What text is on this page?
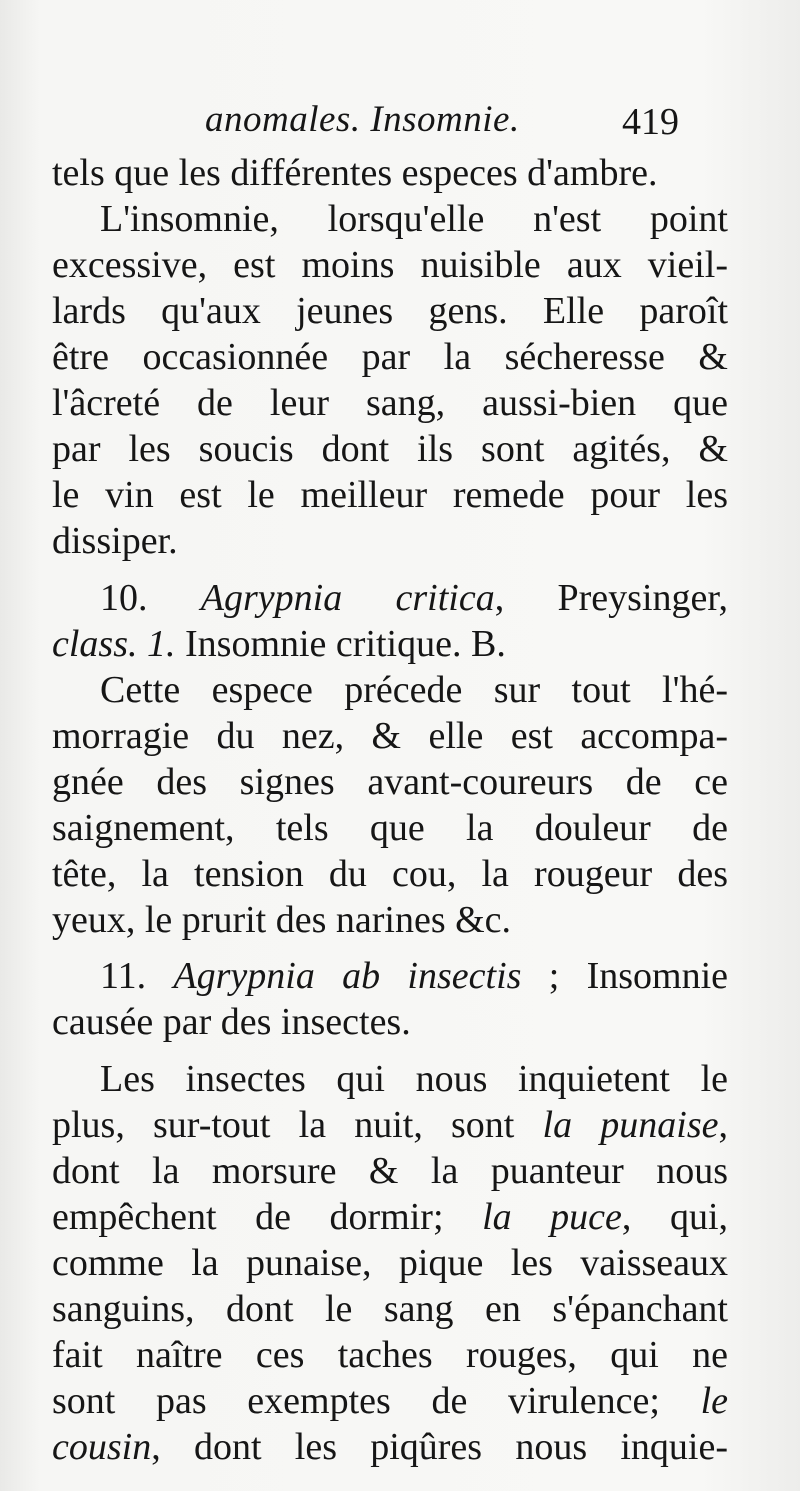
anomales. Insomnie.	419
tels que les différentes especes d'ambre.
L'insomnie, lorsqu'elle n'est point
excessive, est moins nuisible aux vieil-
lards qu'aux jeunes gens. Elle paroît
être occasionnée par la sécheresse &
l'âcreté de leur sang, aussi-bien que
par les soucis dont ils sont agités, &
le vin est le meilleur remede pour les
dissiper.
10. Agrypnia critica, Preysinger,
class. 1. Insomnie critique. B.
Cette espece précede sur tout l'hé-
morragie du nez, & elle est accompa-
gnée des signes avant-coureurs de ce
saignement, tels que la douleur de
tête, la tension du cou, la rougeur des
yeux, le prurit des narines &c.
11. Agrypnia ab insectis ; Insomnie
causée par des insectes.
Les insectes qui nous inquietent le
plus, sur-tout la nuit, sont la punaise,
dont la morsure & la puanteur nous
empêchent de dormir; la puce, qui,
comme la punaise, pique les vaisseaux
sanguins, dont le sang en s'épanchant
fait naître ces taches rouges, qui ne
sont pas exemptes de virulence; le
cousin, dont les piqûres nous inquie-
